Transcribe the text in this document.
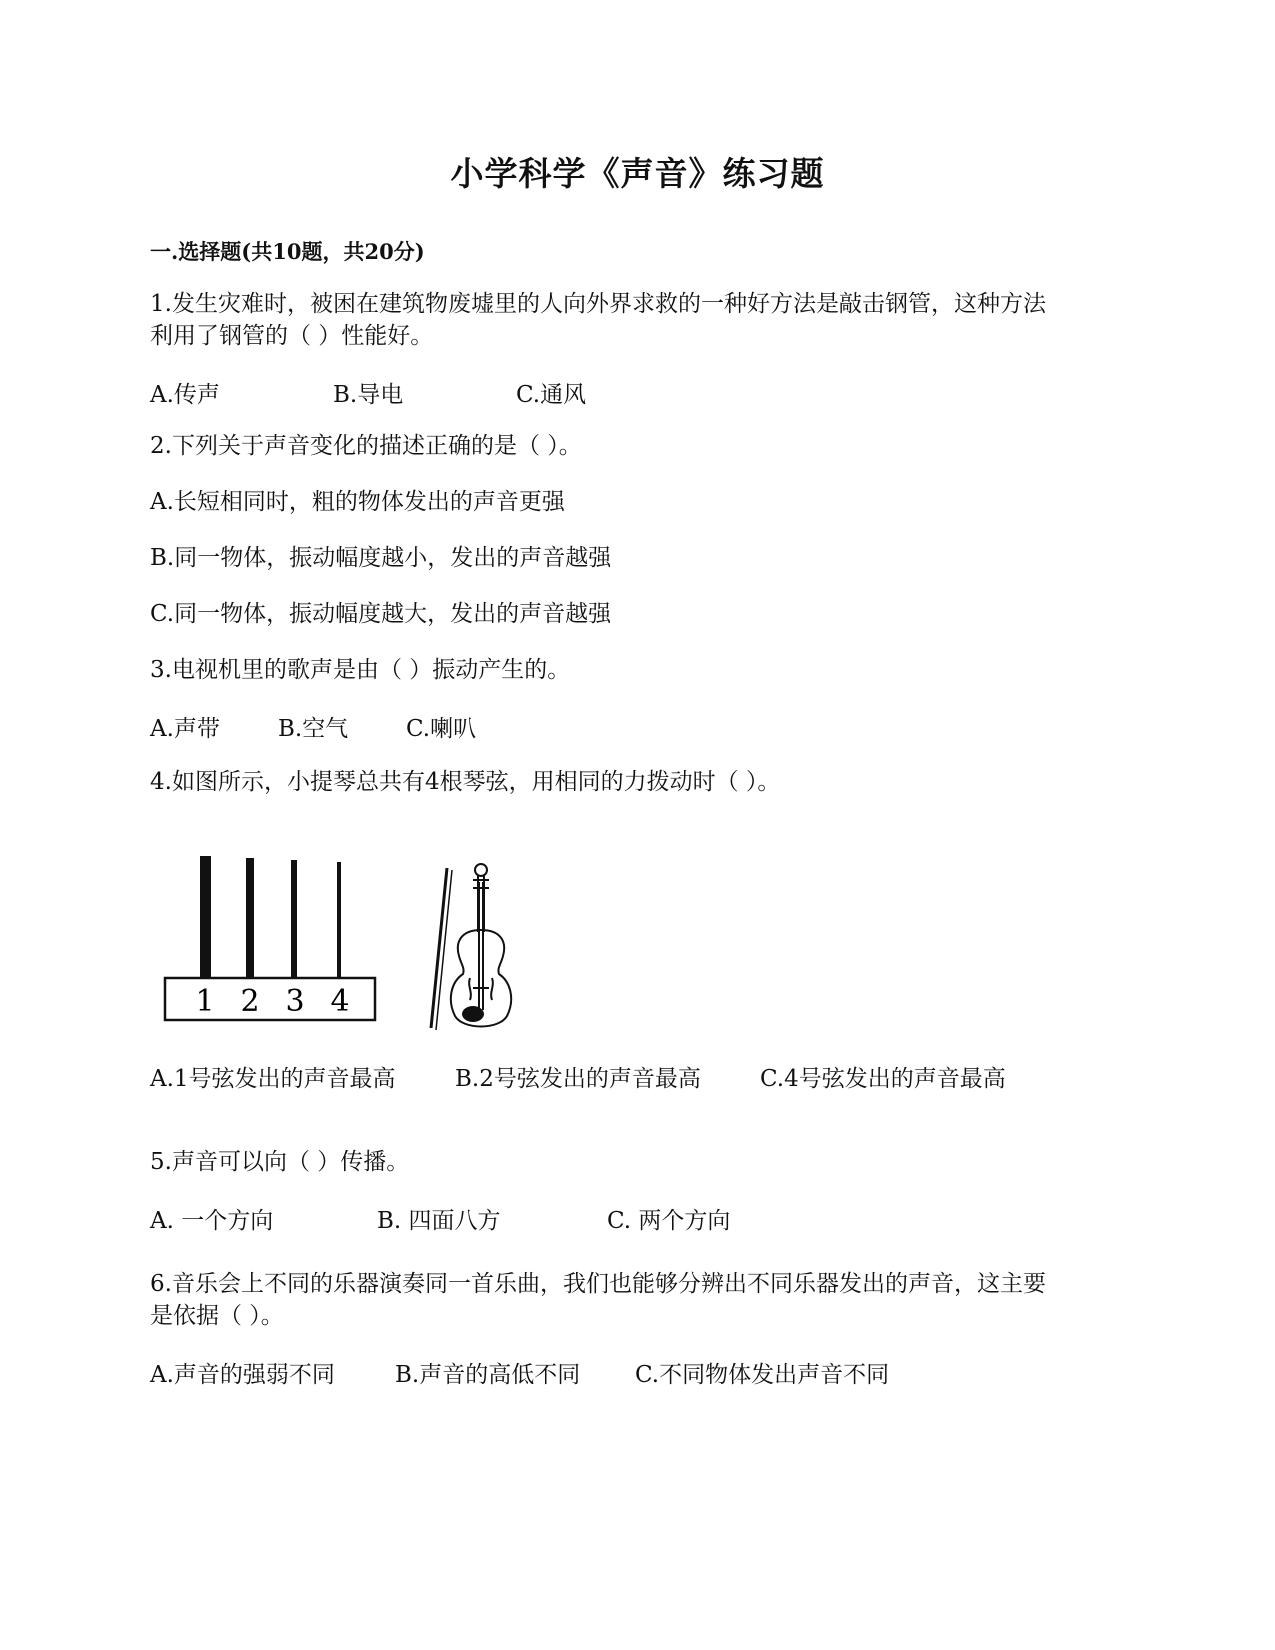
小学科学《声音》练习题
一.选择题(共10题，共20分)
1.发生灾难时，被困在建筑物废墟里的人向外界求救的一种好方法是敲击钢管，这种方法
利用了钢管的（ ）性能好。
A.传声	B.导电	C.通风
2.下列关于声音变化的描述正确的是（ ）。
A.长短相同时，粗的物体发出的声音更强
B.同一物体，振动幅度越小，发出的声音越强
C.同一物体，振动幅度越大，发出的声音越强
3.电视机里的歌声是由（ ）振动产生的。
A.声带	B.空气	C.喇叭
4.如图所示，小提琴总共有4根琴弦，用相同的力拨动时（ ）。
1 2 3 4
A.1号弦发出的声音最高	B.2号弦发出的声音最高	C.4号弦发出的声音最高
5.声音可以向（ ）传播。
A. 一个方向	B. 四面八方	C. 两个方向
6.音乐会上不同的乐器演奏同一首乐曲，我们也能够分辨出不同乐器发出的声音，这主要
是依据（ ）。
A.声音的强弱不同	B.声音的高低不同 C.不同物体发出声音不同
